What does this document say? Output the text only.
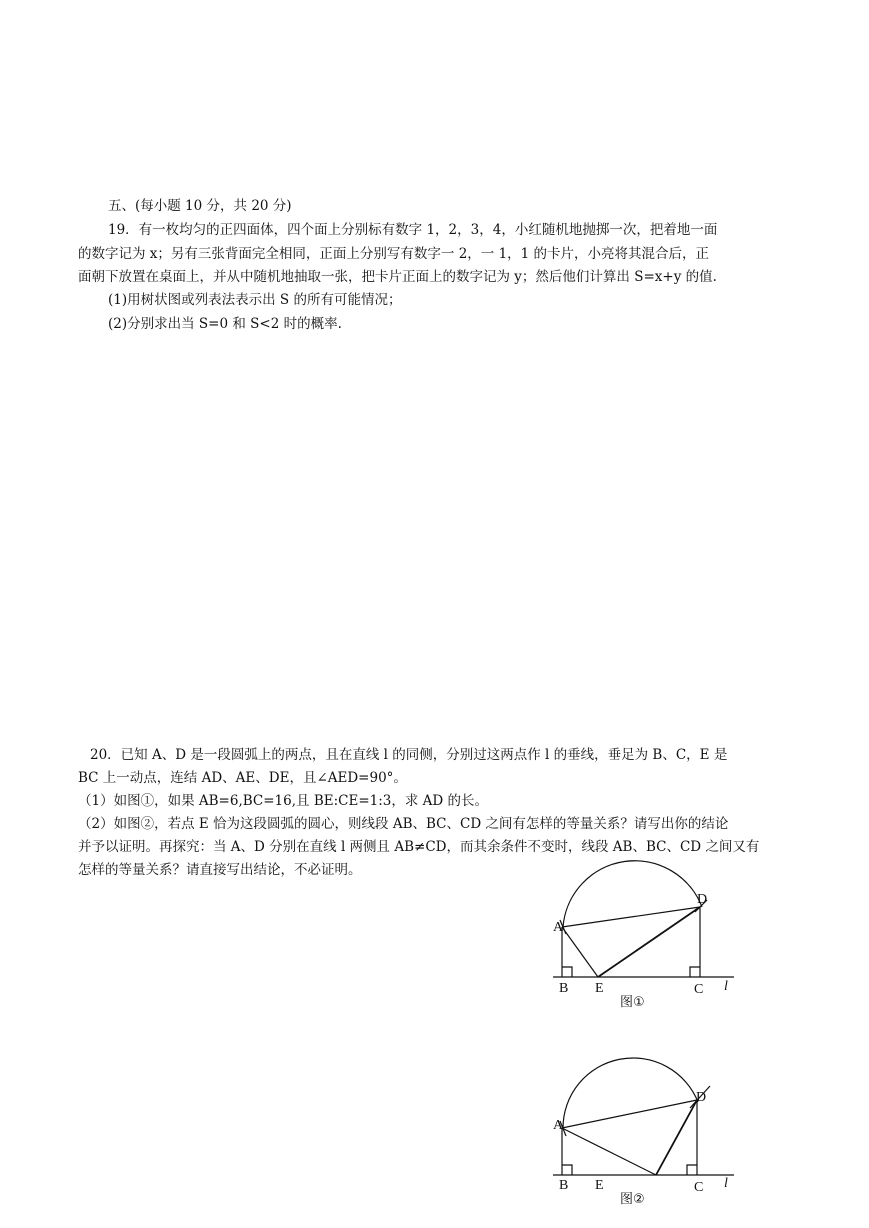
五、(每小题 10 分，共 20 分)
19．有一枚均匀的正四面体，四个面上分别标有数字 1，2，3，4，小红随机地抛掷一次，把着地一面
的数字记为 x；另有三张背面完全相同，正面上分别写有数字一 2，一 1，1 的卡片，小亮将其混合后，正
面朝下放置在桌面上，并从中随机地抽取一张，把卡片正面上的数字记为 y；然后他们计算出 S=x+y 的值.
(1)用树状图或列表法表示出 S 的所有可能情况；
(2)分别求出当 S=0 和 S<2 时的概率.
20．已知 A、D 是一段圆弧上的两点，且在直线 l 的同侧，分别过这两点作 l 的垂线，垂足为 B、C，E 是
BC 上一动点，连结 AD、AE、DE，且∠AED=90°。
（1）如图①，如果 AB=6,BC=16,且 BE:CE=1:3，求 AD 的长。
（2）如图②，若点 E 恰为这段圆弧的圆心，则线段 AB、BC、CD 之间有怎样的等量关系？请写出你的结论
并予以证明。再探究：当 A、D 分别在直线 l 两侧且 AB≠CD，而其余条件不变时，线段 AB、BC、CD 之间又有
怎样的等量关系？请直接写出结论，不必证明。
A
D
B E	C l
图①
A
D
B E	C l
图②
